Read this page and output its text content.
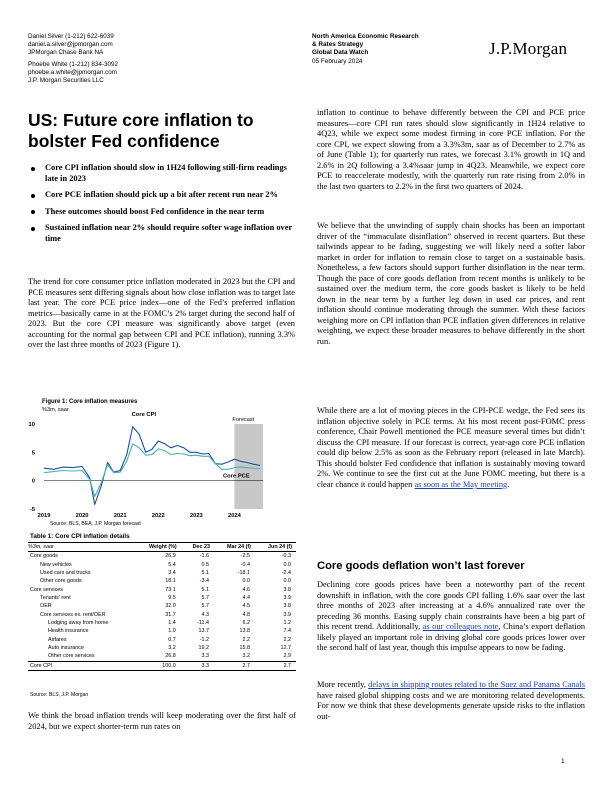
Daniel Silver (1-212) 622-6039
daniel.a.silver@jpmorgan.com
JPMorgan Chase Bank NA
Phoebe White (1-212) 834-3092
phoebe.a.white@jpmorgan.com
J.P. Morgan Securities LLC
North America Economic Research
& Rates Strategy
Global Data Watch
05 February 2024
J.P.Morgan
US: Future core inflation to bolster Fed confidence
Core CPI inflation should slow in 1H24 following still-firm readings late in 2023
Core PCE inflation should pick up a bit after recent run near 2%
These outcomes should boost Fed confidence in the near term
Sustained inflation near 2% should require softer wage inflation over time
The trend for core consumer price inflation moderated in 2023 but the CPI and PCE measures sent differing signals about how close inflation was to target late last year. The core PCE price index—one of the Fed’s preferred inflation metrics—basically came in at the FOMC’s 2% target during the second half of 2023. But the core CPI measure was significantly above target (even accounting for the normal gap between CPI and PCE inflation), running 3.3% over the last three months of 2023 (Figure 1).
Figure 1: Core inflation measures
%3m, saar
Forecast
-5
0
5
10
2019	2020	2021	2022	2023	2024
Core CPI
Core PCE
Source: BLS, BEA, J.P. Morgan forecast
Table 1: Core CPI inflation details
%3m, saar	Weight (%)	Dec 23	Mar 24 (f)	Jun 24 (f)
Core goods	26.9	-1.6	-2.5	-0.3
New vehicles	5.4	0.5	-0.4	0.0
Used cars and trucks	3.4	5.1	-18.1	-2.4
Other core goods	18.1	-3.4	0.0	0.0
Core services	73.1	5.1	4.6	3.8
Tenants' rent	9.5	5.7	4.4	3.9
OER	32.0	5.7	4.5	3.8
Core services ex. rent/OER	31.7	4.3	4.8	3.9
Lodging away from home	1.4	-11.4	6.2	1.2
Health insurance	1.0	13.7	13.8	7.4
Airfares	0.7	-1.2	2.2	2.2
Auto insurance	3.2	19.2	15.8	12.7
Other core services	26.8	3.3	3.2	2.9
Core CPI	100.0	3.3	2.7	2.7
Source: BLS, J.P. Morgan
We think the broad inflation trends will keep moderating over the first half of 2024, but we expect shorter-term run rates on
inflation to continue to behave differently between the CPI and PCE price measures—core CPI run rates should slow significantly in 1H24 relative to 4Q23, while we expect some modest firming in core PCE inflation. For the core CPI, we expect slowing from a 3.3%3m, saar as of December to 2.7% as of June (Table 1); for quarterly run rates, we forecast 3.1% growth in 1Q and 2.6% in 2Q following a 3.4%saar jump in 4Q23. Meanwhile, we expect core PCE to reaccelerate modestly, with the quarterly run rate rising from 2.0% in the last two quarters to 2.2% in the first two quarters of 2024.
We believe that the unwinding of supply chain shocks has been an important driver of the “immaculate disinflation” observed in recent quarters. But these tailwinds appear to be fading, suggesting we will likely need a softer labor market in order for inflation to remain close to target on a sustainable basis. Nonetheless, a few factors should support further disinflation in the near term. Though the pace of core goods deflation from recent months is unlikely to be sustained over the medium term, the core goods basket is likely to be held down in the near term by a further leg down in used car prices, and rent inflation should continue moderating through the summer. With these factors weighing more on CPI inflation than PCE inflation given differences in relative weighting, we expect these broader measures to behave differently in the short run.
While there are a lot of moving pieces in the CPI-PCE wedge, the Fed sees its inflation objective solely in PCE terms. At his most recent post-FOMC press conference, Chair Powell mentioned the PCE measure several times but didn’t discuss the CPI measure. If our forecast is correct, year-ago core PCE inflation could dip below 2.5% as soon as the February report (released in late March). This should bolster Fed confidence that inflation is sustainably moving toward 2%. We continue to see the first cut at the June FOMC meeting, but there is a clear chance it could happen as soon as the May meeting.
Core goods deflation won’t last forever
Declining core goods prices have been a noteworthy part of the recent downshift in inflation, with the core goods CPI falling 1.6% saar over the last three months of 2023 after increasing at a 4.6% annualized rate over the preceding 36 months. Easing supply chain constraints have been a big part of this recent trend. Additionally, as our colleagues note, China’s export deflation likely played an important role in driving global core goods prices lower over the second half of last year, though this impulse appears to now be fading.
More recently, delays in shipping routes related to the Suez and Panama Canals have raised global shipping costs and we are monitoring related developments. For now we think that these developments generate upside risks to the inflation out-
1
